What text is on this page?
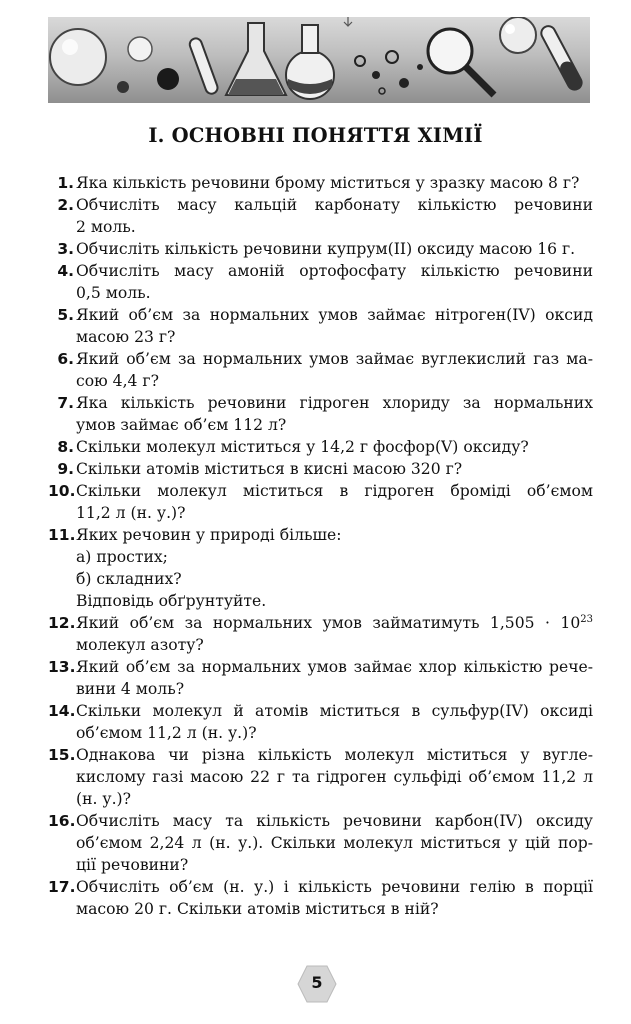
I. ОСНОВНІ ПОНЯТТЯ ХІМІЇ
1. Яка кількість речовини брому міститься у зразку масою 8 г?
2. Обчисліть масу кальцій карбонату кількістю речовини
2 моль.
3. Обчисліть кількість речовини купрум(II) оксиду масою 16 г.
4. Обчисліть масу амоній ортофосфату кількістю речовини
0,5 моль.
5. Який об’єм за нормальних умов займає нітроген(IV) оксид
масою 23 г?
6. Який об’єм за нормальних умов займає вуглекислий газ ма-
сою 4,4 г?
7. Яка кількість речовини гідроген хлориду за нормальних
умов займає об’єм 112 л?
8. Скільки молекул міститься у 14,2 г фосфор(V) оксиду?
9. Скільки атомів міститься в кисні масою 320 г?
10. Скільки молекул міститься в гідроген броміді об’ємом
11,2 л (н. у.)?
11. Яких речовин у природі більше:
а) простих;
б) складних?
Відповідь обґрунтуйте.
12. Який об’єм за нормальних умов займатимуть $1,505 \cdot 10^{23}$
молекул азоту?
13. Який об’єм за нормальних умов займає хлор кількістю рече-
вини 4 моль?
14. Скільки молекул й атомів міститься в сульфур(IV) оксиді
об’ємом 11,2 л (н. у.)?
15. Однакова чи різна кількість молекул міститься у вугле-
кислому газі масою 22 г та гідроген сульфіді об’ємом 11,2 л
(н. у.)?
16. Обчисліть масу та кількість речовини карбон(IV) оксиду
об’ємом 2,24 л (н. у.). Скільки молекул міститься у цій пор-
ції речовини?
17. Обчисліть об’єм (н. у.) і кількість речовини гелію в порції
масою 20 г. Скільки атомів міститься в ній?
5
